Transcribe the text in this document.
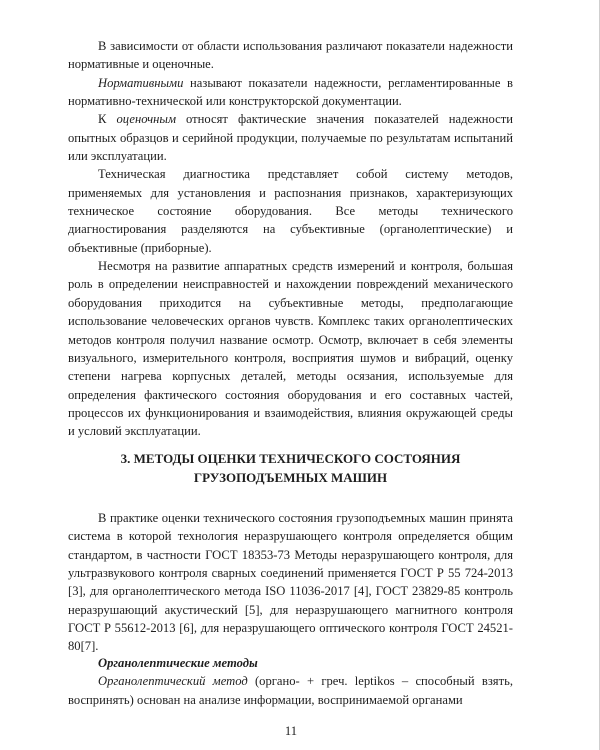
В зависимости от области использования различают показатели надежности нормативные и оценочные.

Нормативными называют показатели надежности, регламентированные в нормативно-технической или конструкторской документации.

К оценочным относят фактические значения показателей надежности опытных образцов и серийной продукции, получаемые по результатам испытаний или эксплуатации.

Техническая диагностика представляет собой систему методов, применяемых для установления и распознания признаков, характеризующих техническое состояние оборудования. Все методы технического диагностирования разделяются на субъективные (органолептические) и объективные (приборные).

Несмотря на развитие аппаратных средств измерений и контроля, большая роль в определении неисправностей и нахождении повреждений механического оборудования приходится на субъективные методы, предполагающие использование человеческих органов чувств. Комплекс таких органолептических методов контроля получил название осмотр. Осмотр, включает в себя элементы визуального, измерительного контроля, восприятия шумов и вибраций, оценку степени нагрева корпусных деталей, методы осязания, используемые для определения фактического состояния оборудования и его составных частей, процессов их функционирования и взаимодействия, влияния окружающей среды и условий эксплуатации.

3. МЕТОДЫ ОЦЕНКИ ТЕХНИЧЕСКОГО СОСТОЯНИЯ
ГРУЗОПОДЪЕМНЫХ МАШИН

В практике оценки технического состояния грузоподъемных машин принята система в которой технология неразрушающего контроля определяется общим стандартом, в частности ГОСТ 18353-73 Методы неразрушающего контроля, для ультразвукового контроля сварных соединений применяется ГОСТ Р 55 724-2013 [3], для органолептического метода ISO 11036-2017 [4], ГОСТ 23829-85 контроль неразрушающий акустический [5], для неразрушающего магнитного контроля ГОСТ Р 55612-2013 [6], для неразрушающего оптического контроля ГОСТ 24521-80[7].

Органолептические методы

Органолептический метод (органо- + греч. leptikos – способный взять, воспринять) основан на анализе информации, воспринимаемой органами

11
